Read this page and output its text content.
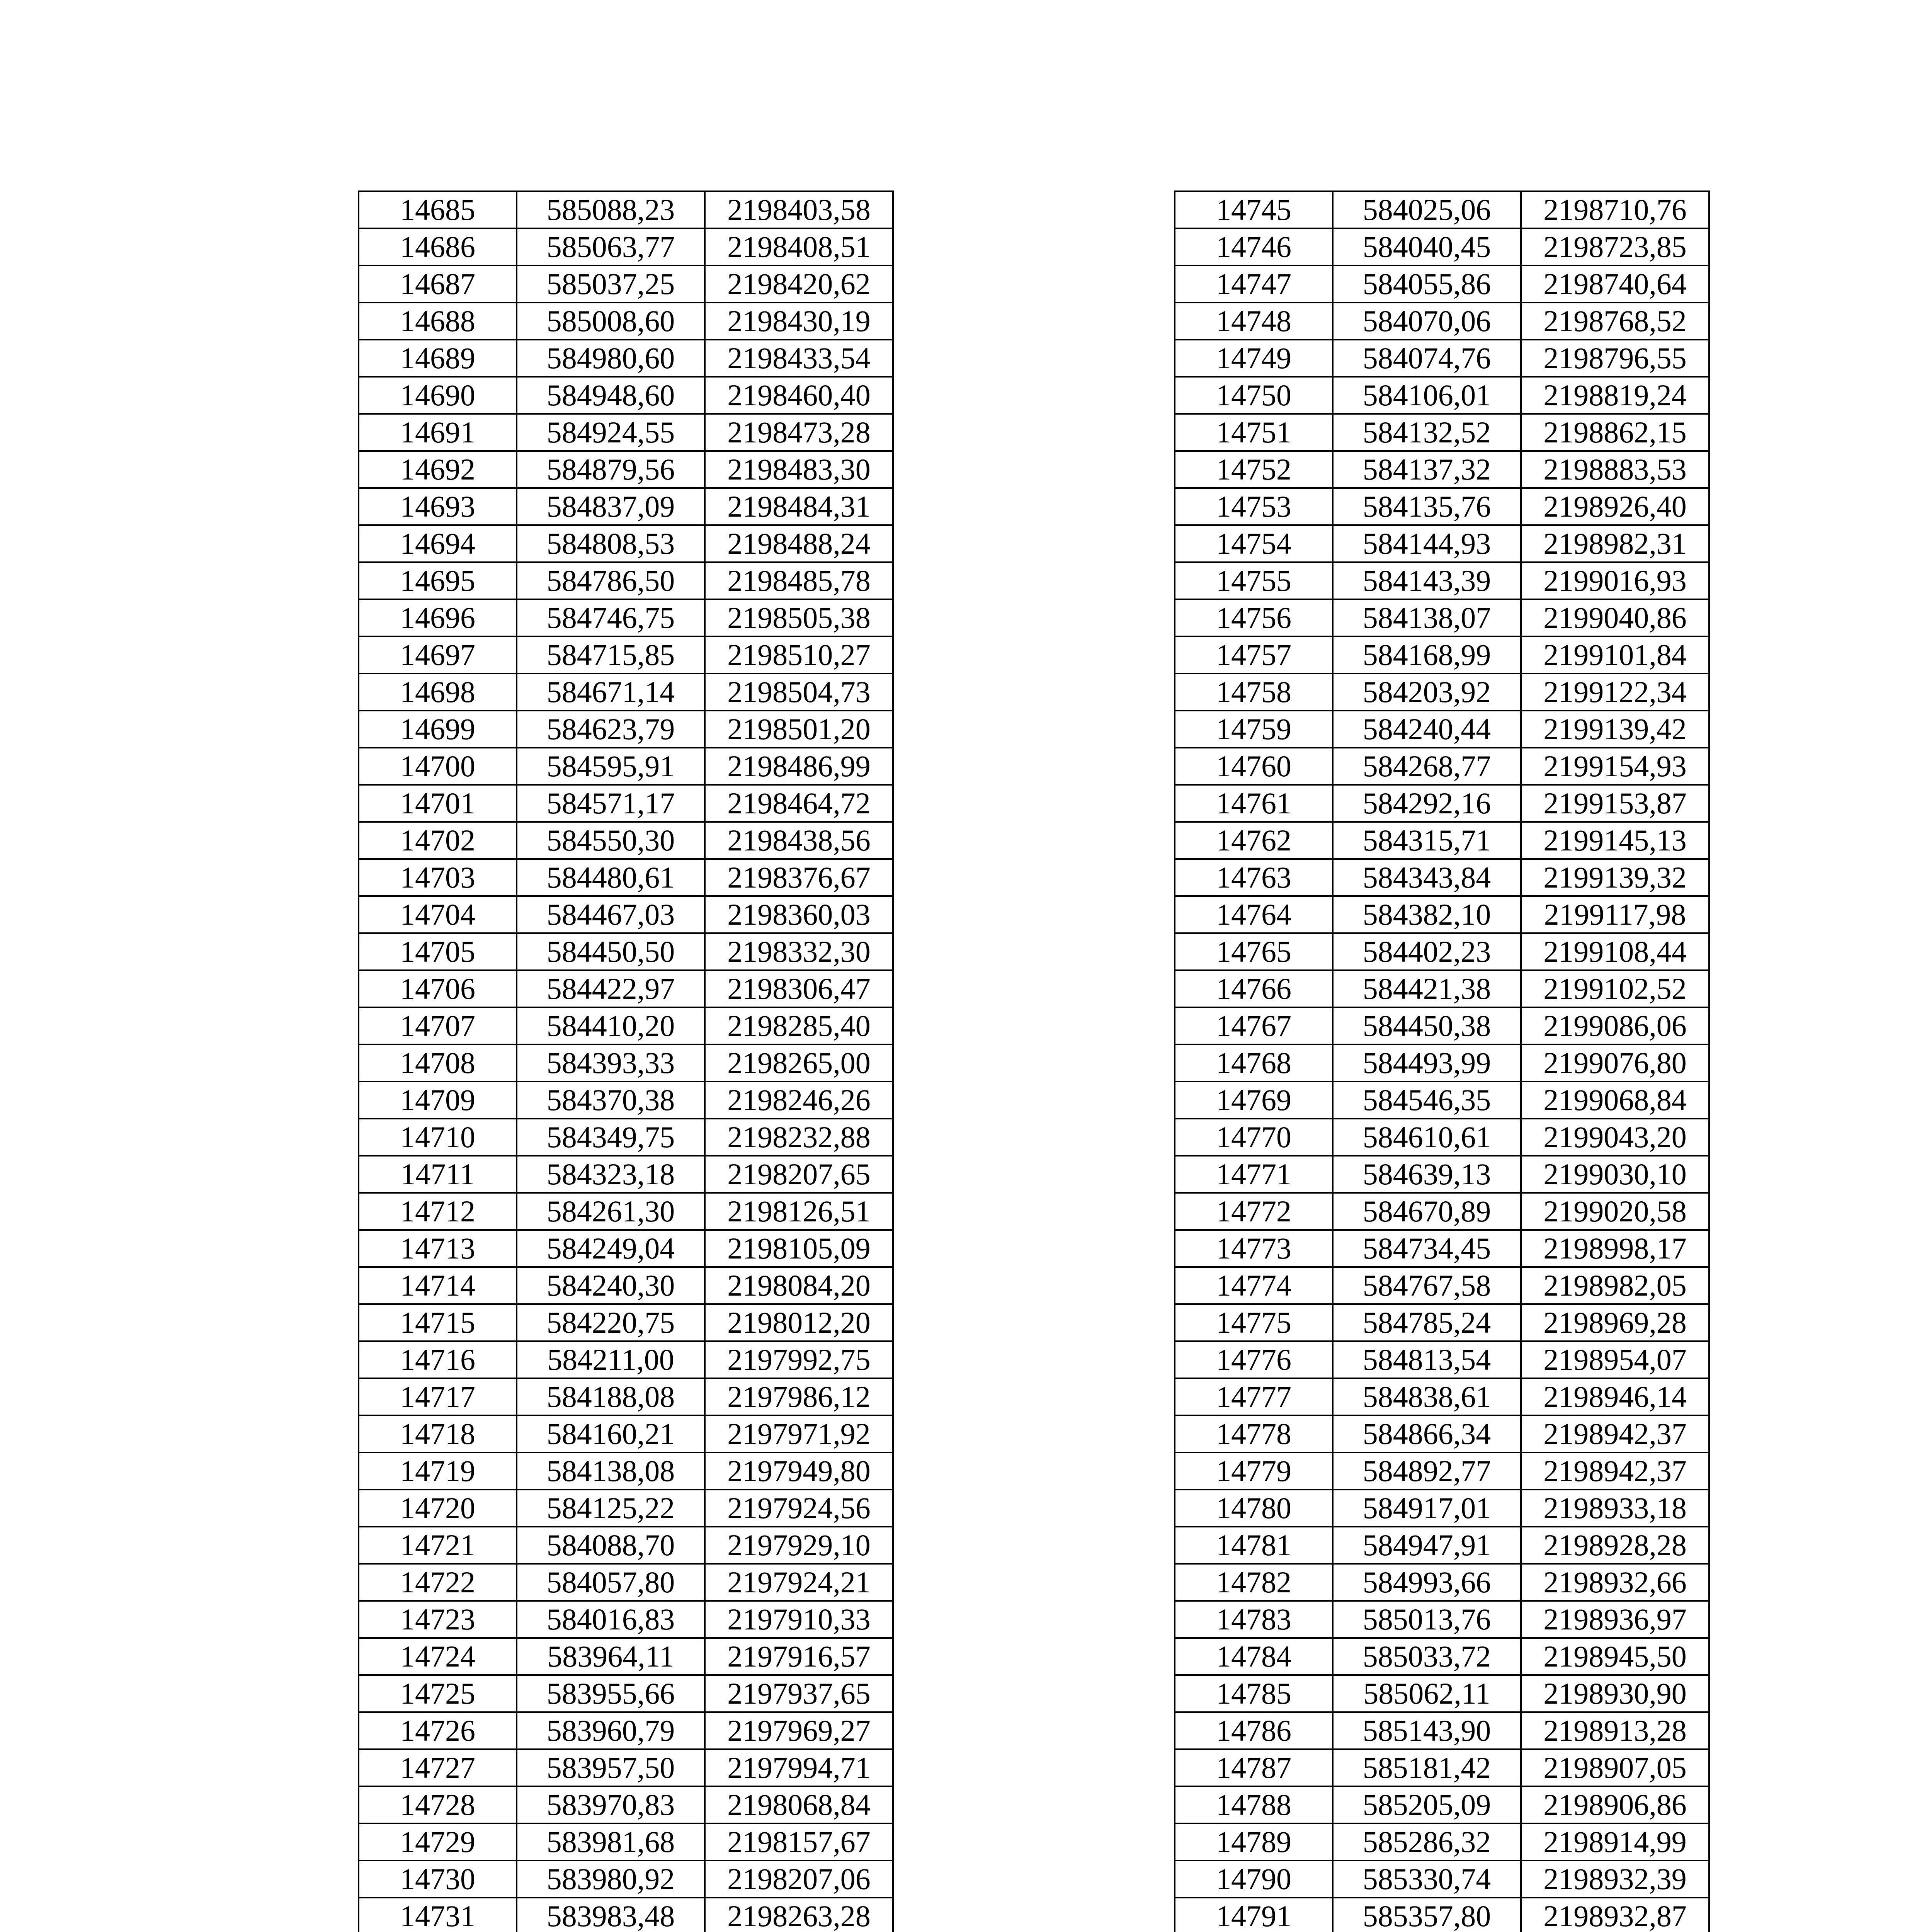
14685	585088,23	2198403,58
14686	585063,77	2198408,51
14687	585037,25	2198420,62
14688	585008,60	2198430,19
14689	584980,60	2198433,54
14690	584948,60	2198460,40
14691	584924,55	2198473,28
14692	584879,56	2198483,30
14693	584837,09	2198484,31
14694	584808,53	2198488,24
14695	584786,50	2198485,78
14696	584746,75	2198505,38
14697	584715,85	2198510,27
14698	584671,14	2198504,73
14699	584623,79	2198501,20
14700	584595,91	2198486,99
14701	584571,17	2198464,72
14702	584550,30	2198438,56
14703	584480,61	2198376,67
14704	584467,03	2198360,03
14705	584450,50	2198332,30
14706	584422,97	2198306,47
14707	584410,20	2198285,40
14708	584393,33	2198265,00
14709	584370,38	2198246,26
14710	584349,75	2198232,88
14711	584323,18	2198207,65
14712	584261,30	2198126,51
14713	584249,04	2198105,09
14714	584240,30	2198084,20
14715	584220,75	2198012,20
14716	584211,00	2197992,75
14717	584188,08	2197986,12
14718	584160,21	2197971,92
14719	584138,08	2197949,80
14720	584125,22	2197924,56
14721	584088,70	2197929,10
14722	584057,80	2197924,21
14723	584016,83	2197910,33
14724	583964,11	2197916,57
14725	583955,66	2197937,65
14726	583960,79	2197969,27
14727	583957,50	2197994,71
14728	583970,83	2198068,84
14729	583981,68	2198157,67
14730	583980,92	2198207,06
14731	583983,48	2198263,28

14745	584025,06	2198710,76
14746	584040,45	2198723,85
14747	584055,86	2198740,64
14748	584070,06	2198768,52
14749	584074,76	2198796,55
14750	584106,01	2198819,24
14751	584132,52	2198862,15
14752	584137,32	2198883,53
14753	584135,76	2198926,40
14754	584144,93	2198982,31
14755	584143,39	2199016,93
14756	584138,07	2199040,86
14757	584168,99	2199101,84
14758	584203,92	2199122,34
14759	584240,44	2199139,42
14760	584268,77	2199154,93
14761	584292,16	2199153,87
14762	584315,71	2199145,13
14763	584343,84	2199139,32
14764	584382,10	2199117,98
14765	584402,23	2199108,44
14766	584421,38	2199102,52
14767	584450,38	2199086,06
14768	584493,99	2199076,80
14769	584546,35	2199068,84
14770	584610,61	2199043,20
14771	584639,13	2199030,10
14772	584670,89	2199020,58
14773	584734,45	2198998,17
14774	584767,58	2198982,05
14775	584785,24	2198969,28
14776	584813,54	2198954,07
14777	584838,61	2198946,14
14778	584866,34	2198942,37
14779	584892,77	2198942,37
14780	584917,01	2198933,18
14781	584947,91	2198928,28
14782	584993,66	2198932,66
14783	585013,76	2198936,97
14784	585033,72	2198945,50
14785	585062,11	2198930,90
14786	585143,90	2198913,28
14787	585181,42	2198907,05
14788	585205,09	2198906,86
14789	585286,32	2198914,99
14790	585330,74	2198932,39
14791	585357,80	2198932,87
